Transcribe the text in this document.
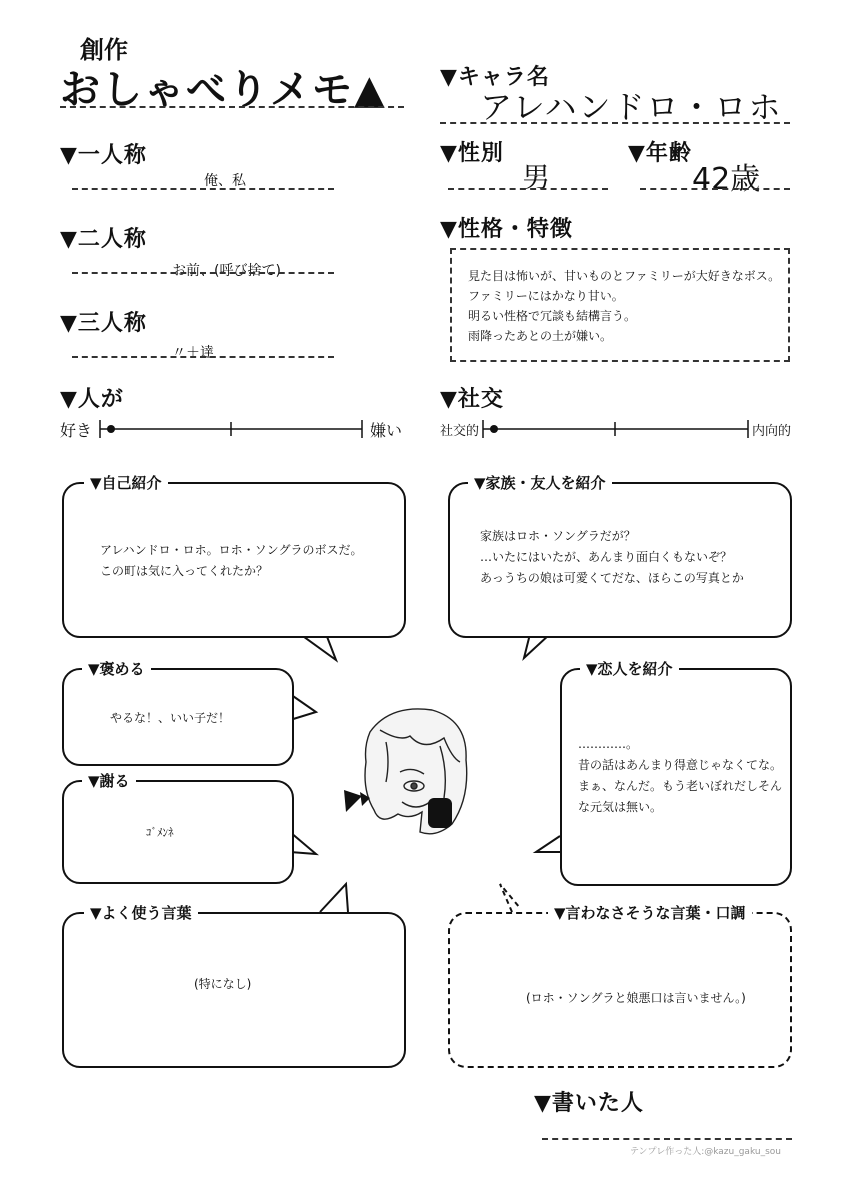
創作
おしゃべりメモ▲ ▼キャラ名
アレハンドロ・ロホ
▼一人称
俺、私
▼性別
男
▼年齢
42歳
▼二人称
お前、(呼び捨て)
▼性格・特徴
見た目は怖いが、甘いものとファミリーが大好きなボス。
ファミリーにはかなり甘い。
明るい性格で冗談も結構言う。
雨降ったあとの土が嫌い。
▼三人称
〃＋達
▼人が
好き	嫌い
▼社交
社交的	内向的
アレハンドロ・ロホ。ロホ・ソングラのボスだ。
この町は気に入ってくれたか？
▼自己紹介
家族はロホ・ソングラだが？
…いたにはいたが、あんまり面白くもないぞ？
あっうちの娘は可愛くてだな、ほらこの写真とか
▼家族・友人を紹介
やるな！、いい子だ！
▼褒める
…………。
昔の話はあんまり得意じゃなくてな。
まぁ、なんだ。もう老いぼれだしそん
な元気は無い。
▼恋人を紹介
ｺﾞﾒﾝﾈ
▼謝る
(特になし)
▼よく使う言葉
(ロホ・ソングラと娘悪口は言いません。)
▼言わなさそうな言葉・口調
▼書いた人
テンプレ作った人:@kazu_gaku_sou
